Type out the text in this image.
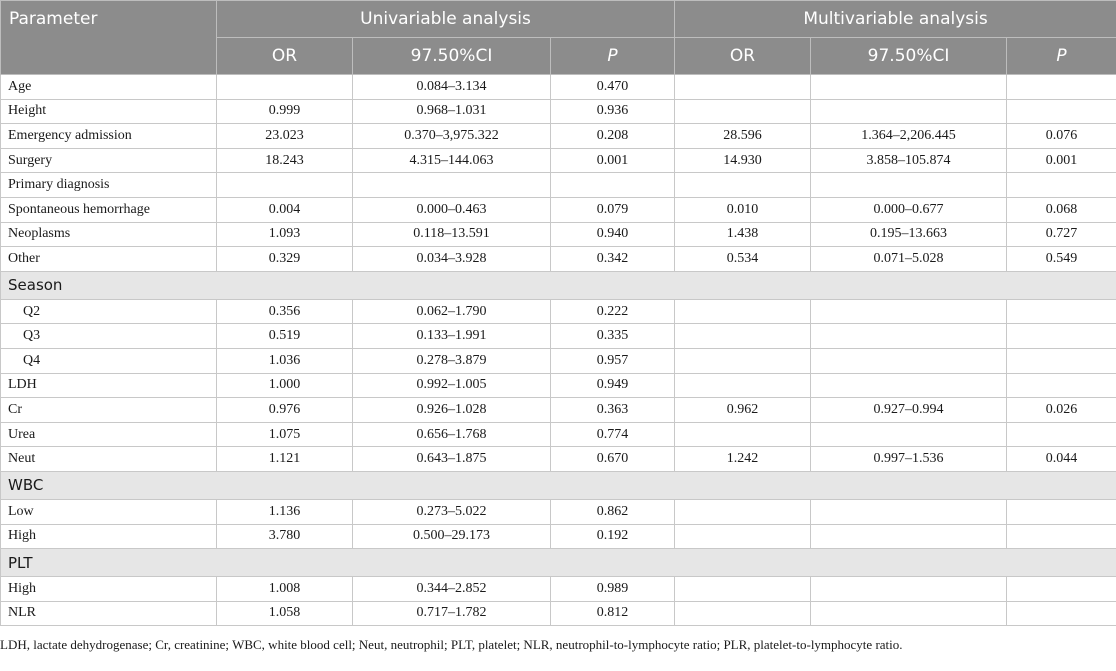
Parameter	Univariable analysis			Multivariable analysis		
	OR	97.50%CI	P	OR	97.50%CI	P
Age		0.084–3.134	0.470			
Height	0.999	0.968–1.031	0.936			
Emergency admission	23.023	0.370–3,975.322	0.208	28.596	1.364–2,206.445	0.076
Surgery	18.243	4.315–144.063	0.001	14.930	3.858–105.874	0.001
Primary diagnosis						
Spontaneous hemorrhage	0.004	0.000–0.463	0.079	0.010	0.000–0.677	0.068
Neoplasms	1.093	0.118–13.591	0.940	1.438	0.195–13.663	0.727
Other	0.329	0.034–3.928	0.342	0.534	0.071–5.028	0.549
Season						
Q2	0.356	0.062–1.790	0.222			
Q3	0.519	0.133–1.991	0.335			
Q4	1.036	0.278–3.879	0.957			
LDH	1.000	0.992–1.005	0.949			
Cr	0.976	0.926–1.028	0.363	0.962	0.927–0.994	0.026
Urea	1.075	0.656–1.768	0.774			
Neut	1.121	0.643–1.875	0.670	1.242	0.997–1.536	0.044
WBC						
Low	1.136	0.273–5.022	0.862			
High	3.780	0.500–29.173	0.192			
PLT						
High	1.008	0.344–2.852	0.989			
NLR	1.058	0.717–1.782	0.812			
LDH, lactate dehydrogenase; Cr, creatinine; WBC, white blood cell; Neut, neutrophil; PLT, platelet; NLR, neutrophil-to-lymphocyte ratio; PLR, platelet-to-lymphocyte ratio.
